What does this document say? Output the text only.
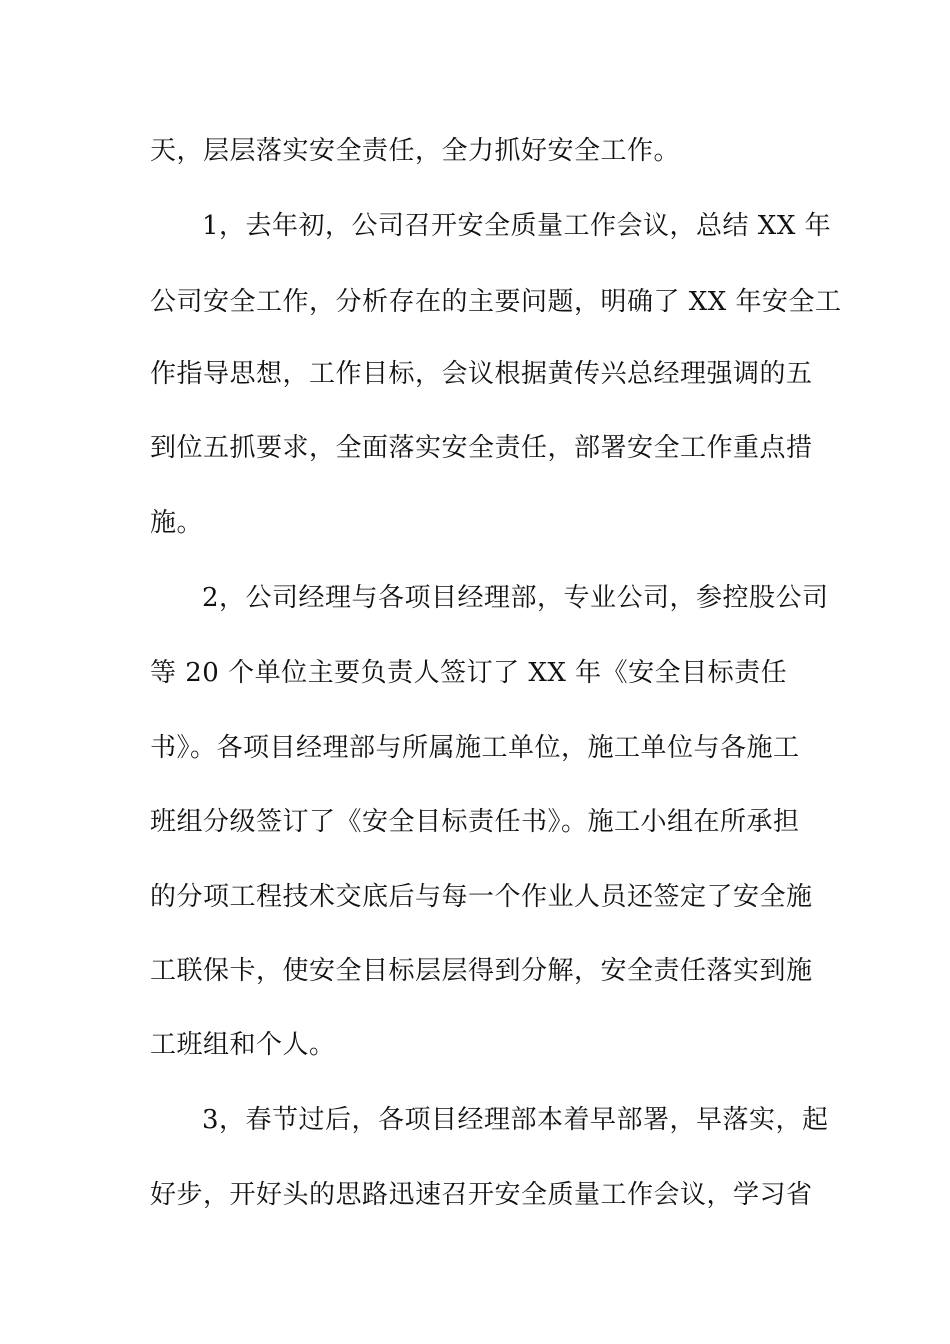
天，层层落实安全责任，全力抓好安全工作。
1，去年初，公司召开安全质量工作会议，总结 XX 年
公司安全工作，分析存在的主要问题，明确了 XX 年安全工
作指导思想，工作目标，会议根据黄传兴总经理强调的五
到位五抓要求，全面落实安全责任，部署安全工作重点措
施。
2，公司经理与各项目经理部，专业公司，参控股公司
等 20 个单位主要负责人签订了 XX 年《安全目标责任
书》。各项目经理部与所属施工单位，施工单位与各施工
班组分级签订了《安全目标责任书》。施工小组在所承担
的分项工程技术交底后与每一个作业人员还签定了安全施
工联保卡，使安全目标层层得到分解，安全责任落实到施
工班组和个人。
3，春节过后，各项目经理部本着早部署，早落实，起
好步，开好头的思路迅速召开安全质量工作会议，学习省
